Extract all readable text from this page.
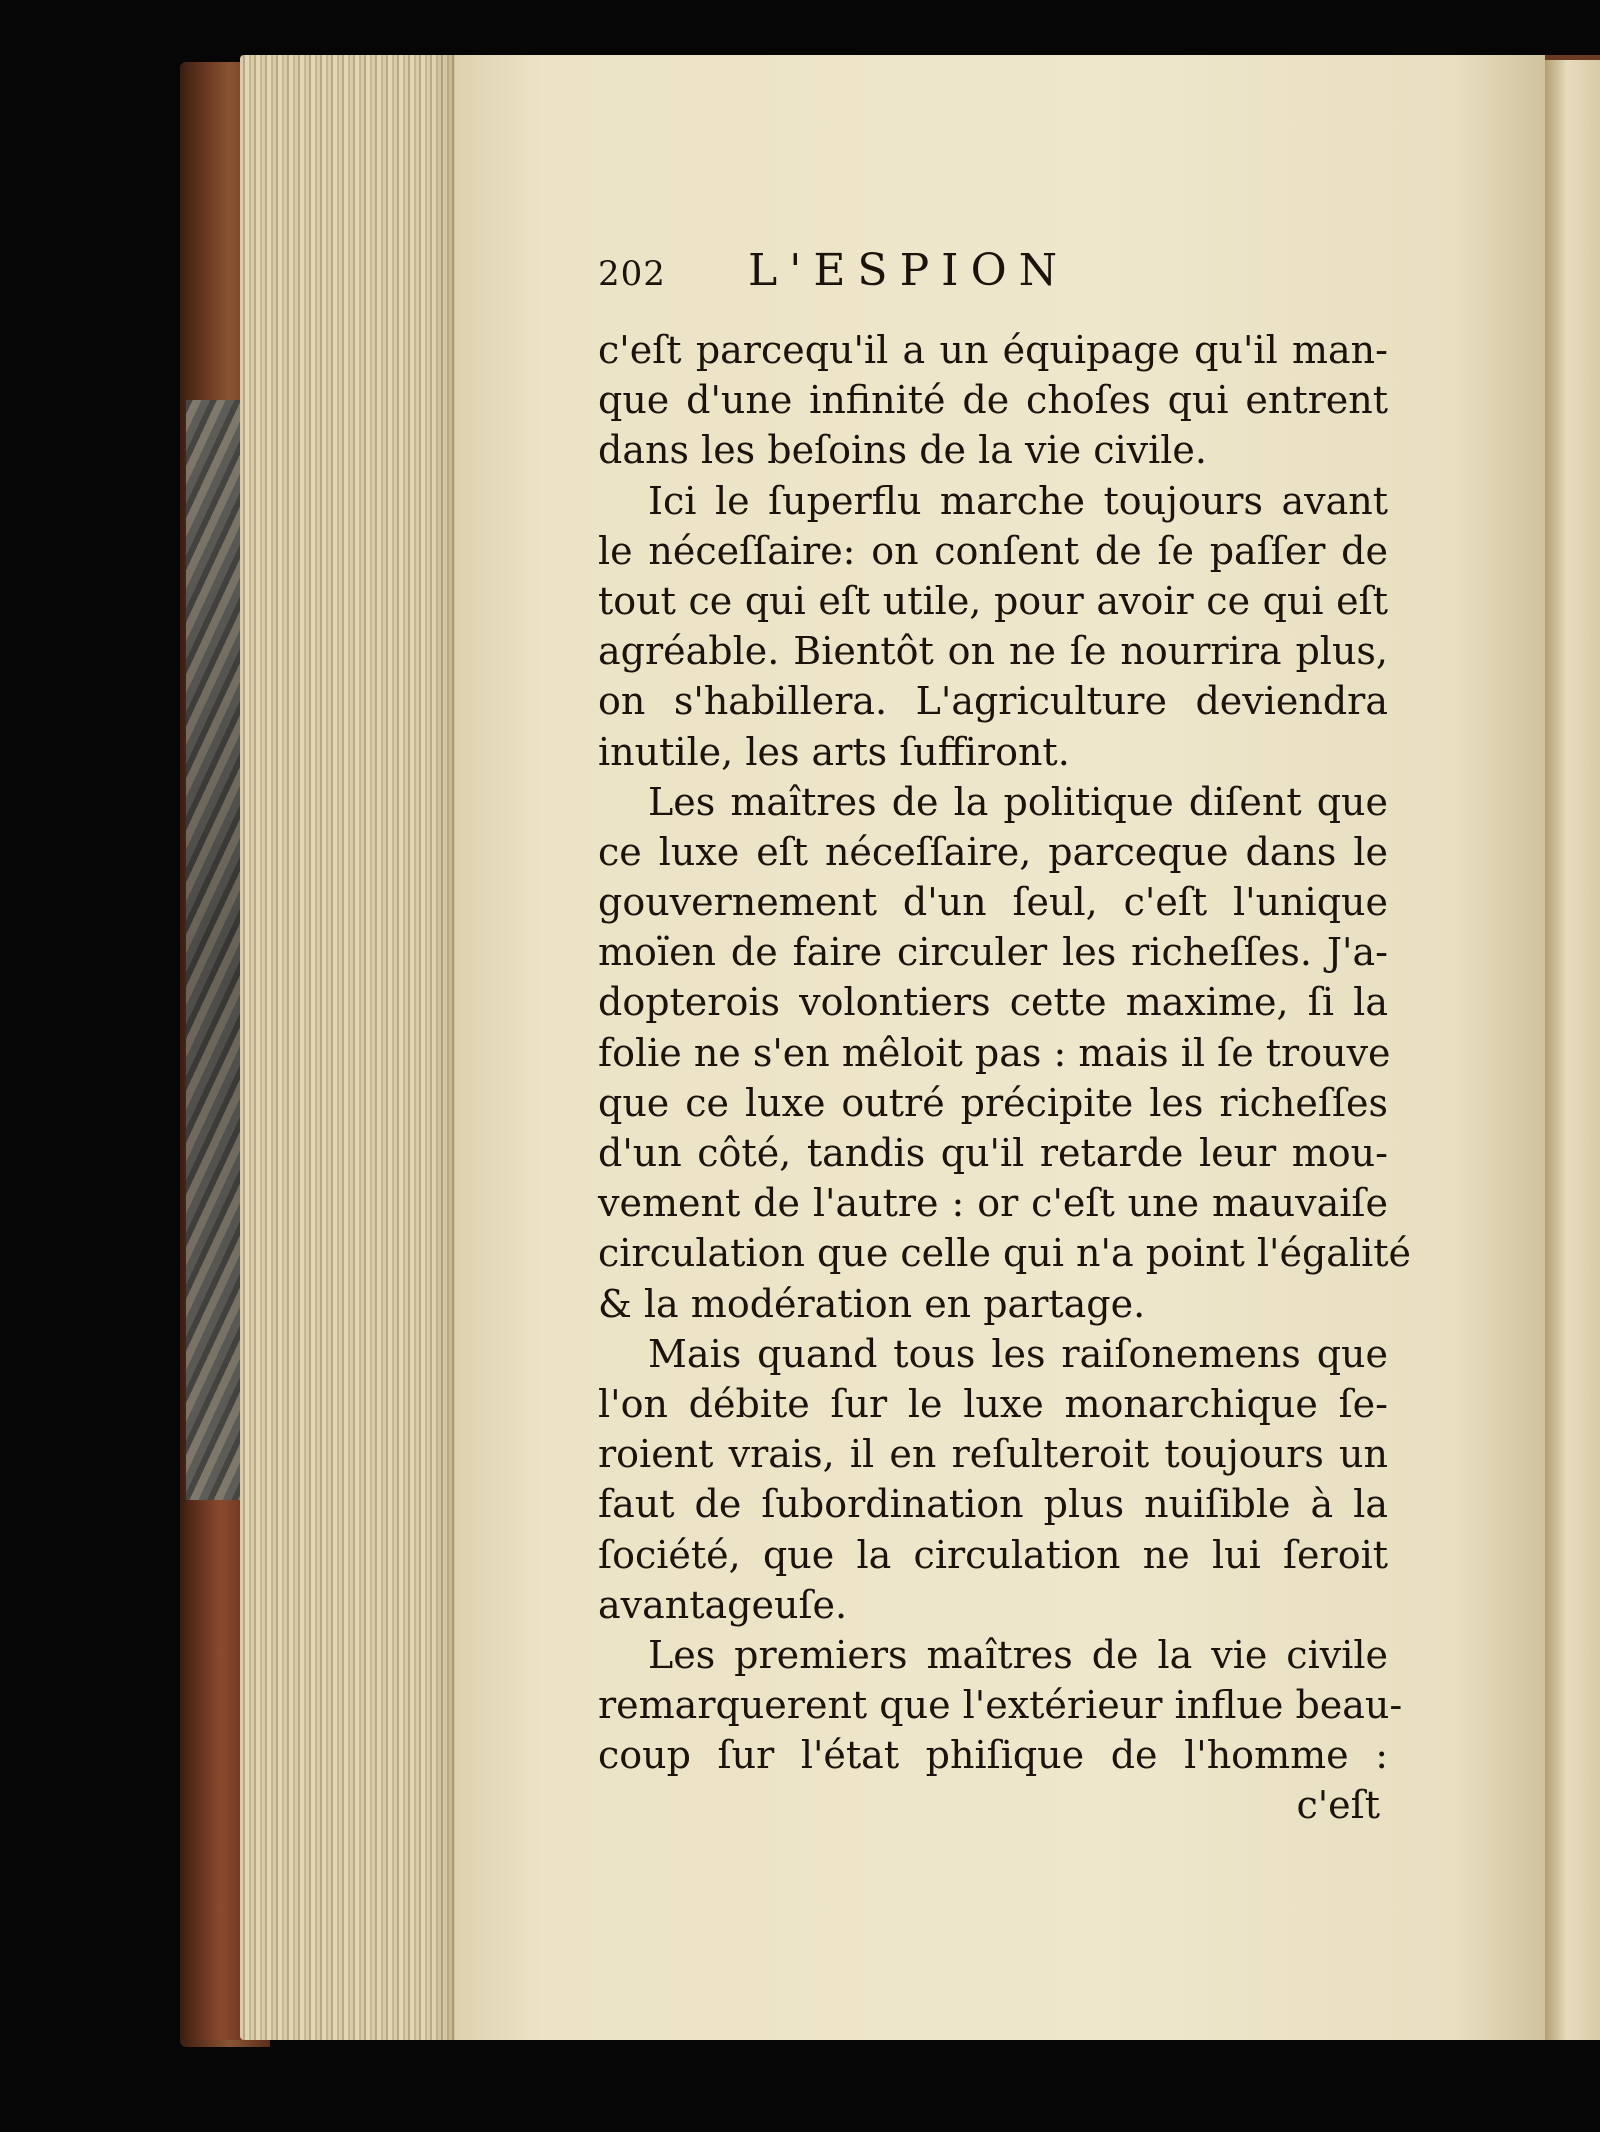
202	L'ESPION
c'eſt parcequ'il a un équipage qu'il man-
que d'une infinité de choſes qui entrent
dans les beſoins de la vie civile.
Ici le ſuperflu marche toujours avant
le néceſſaire: on conſent de ſe paſſer de
tout ce qui eſt utile, pour avoir ce qui eſt
agréable. Bientôt on ne ſe nourrira plus,
on s'habillera. L'agriculture deviendra
inutile, les arts ſuffiront.
Les maîtres de la politique diſent que
ce luxe eſt néceſſaire, parceque dans le
gouvernement d'un ſeul, c'eſt l'unique
moïen de faire circuler les richeſſes. J'a-
dopterois volontiers cette maxime, ſi la
folie ne s'en mêloit pas : mais il ſe trouve
que ce luxe outré précipite les richeſſes
d'un côté, tandis qu'il retarde leur mou-
vement de l'autre : or c'eſt une mauvaiſe
circulation que celle qui n'a point l'égalité
& la modération en partage.
Mais quand tous les raiſonemens que
l'on débite ſur le luxe monarchique ſe-
roient vrais, il en reſulteroit toujours un
faut de ſubordination plus nuiſible à la
ſociété, que la circulation ne lui ſeroit
avantageuſe.
Les premiers maîtres de la vie civile
remarquerent que l'extérieur influe beau-
coup ſur l'état phiſique de l'homme :
c'eſt
